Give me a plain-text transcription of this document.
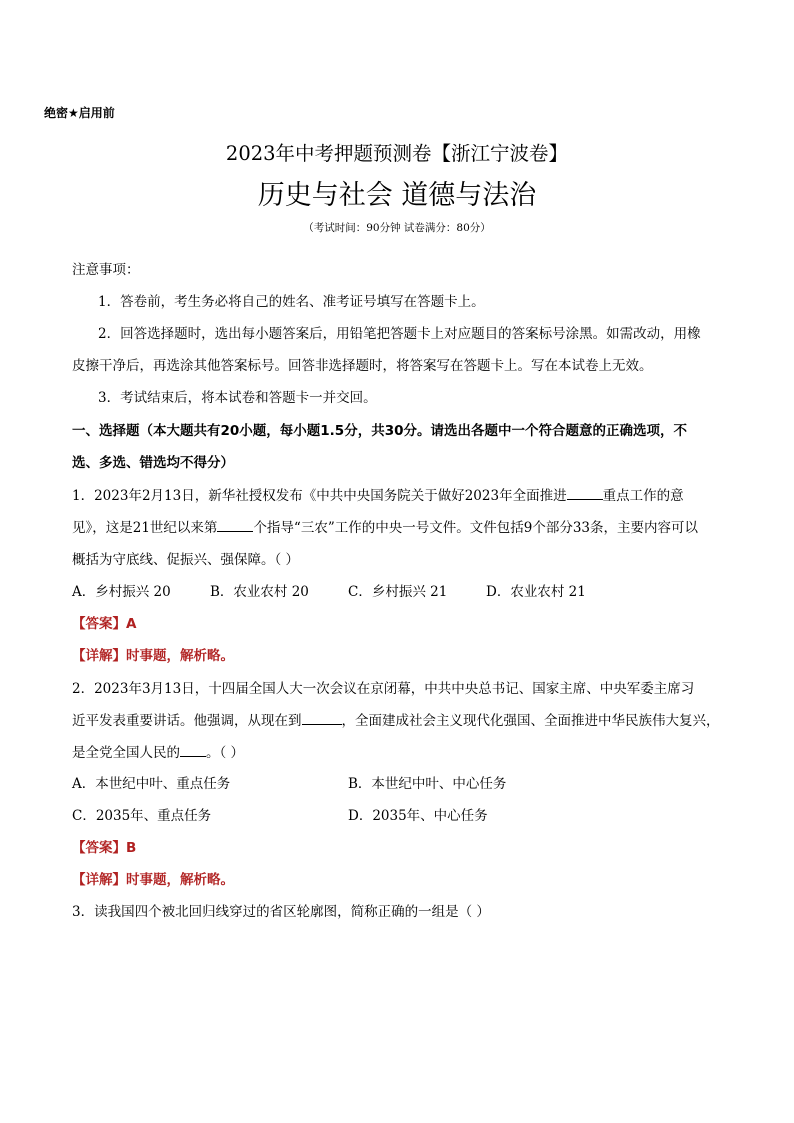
绝密★启用前
2023年中考押题预测卷【浙江宁波卷】
历史与社会 道德与法治
（考试时间：90分钟 试卷满分：80分）
注意事项：
1．答卷前，考生务必将自己的姓名、准考证号填写在答题卡上。
2．回答选择题时，选出每小题答案后，用铅笔把答题卡上对应题目的答案标号涂黑。如需改动，用橡
皮擦干净后，再选涂其他答案标号。回答非选择题时，将答案写在答题卡上。写在本试卷上无效。
3．考试结束后，将本试卷和答题卡一并交回。
一、选择题（本大题共有20小题，每小题1.5分，共30分。请选出各题中一个符合题意的正确选项，不
选、多选、错选均不得分）
1．2023年2月13日，新华社授权发布《中共中央国务院关于做好2023年全面推进	重点工作的意
见》，这是21世纪以来第	个指导“三农”工作的中央一号文件。文件包括9个部分33条，主要内容可以
概括为守底线、促振兴、强保障。（ ）
A．乡村振兴 20	B．农业农村 20	C．乡村振兴 21	D．农业农村 21
【答案】A
【详解】时事题，解析略。
2．2023年3月13日，十四届全国人大一次会议在京闭幕，中共中央总书记、国家主席、中央军委主席习
近平发表重要讲话。他强调，从现在到	，全面建成社会主义现代化强国、全面推进中华民族伟大复兴，
是全党全国人民的 。（ ）
A．本世纪中叶、重点任务	B．本世纪中叶、中心任务
C．2035年、重点任务	D．2035年、中心任务
【答案】B
【详解】时事题，解析略。
3．读我国四个被北回归线穿过的省区轮廓图，简称正确的一组是（ ）
